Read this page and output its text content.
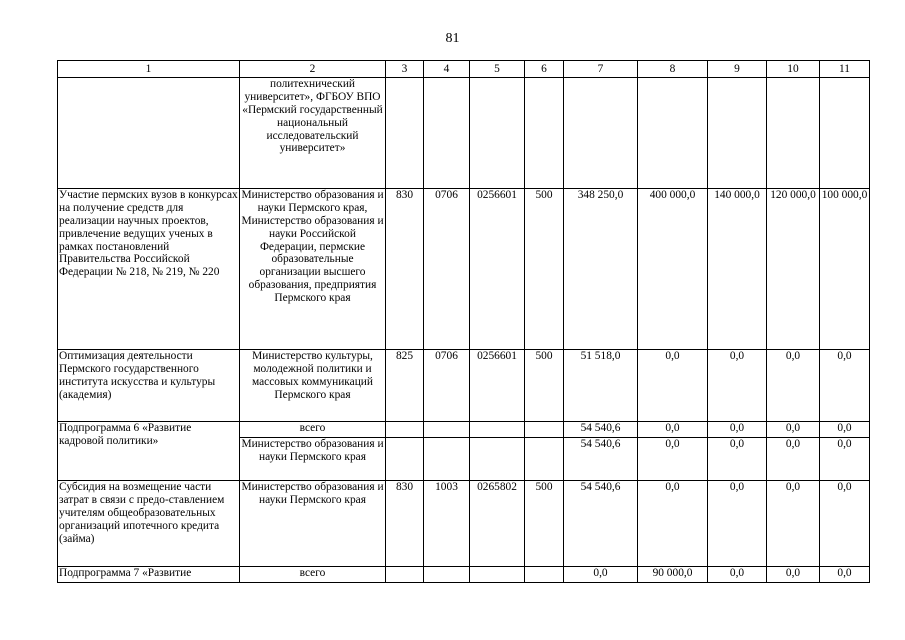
81
1	2	3	4	5	6	7	8	9	10	11
	политехнический университет», ФГБОУ ВПО «Пермский государственный национальный исследовательский университет»									
Участие пермских вузов в конкурсах на получение средств для реализации научных проектов, привлечение ведущих ученых в рамках постановлений Правительства Российской Федерации № 218, № 219, № 220	Министерство образования и науки Пермского края, Министерство образования и науки Российской Федерации, пермские образовательные организации высшего образования, предприятия Пермского края	830	0706	0256601	500	348 250,0	400 000,0	140 000,0	120 000,0	100 000,0
Оптимизация деятельности Пермского государственного института искусства и культуры (академия)	Министерство культуры, молодежной политики и массовых коммуникаций Пермского края	825	0706	0256601	500	51 518,0	0,0	0,0	0,0	0,0
Подпрограмма 6 «Развитие кадровой политики»	всего					54 540,6	0,0	0,0	0,0	0,0
	Министерство образования и науки Пермского края					54 540,6	0,0	0,0	0,0	0,0
Субсидия на возмещение части затрат в связи с предо-ставлением учителям общеобразовательных организаций ипотечного кредита (займа)	Министерство образования и науки Пермского края	830	1003	0265802	500	54 540,6	0,0	0,0	0,0	0,0
Подпрограмма 7 «Развитие	всего					0,0	90 000,0	0,0	0,0	0,0
